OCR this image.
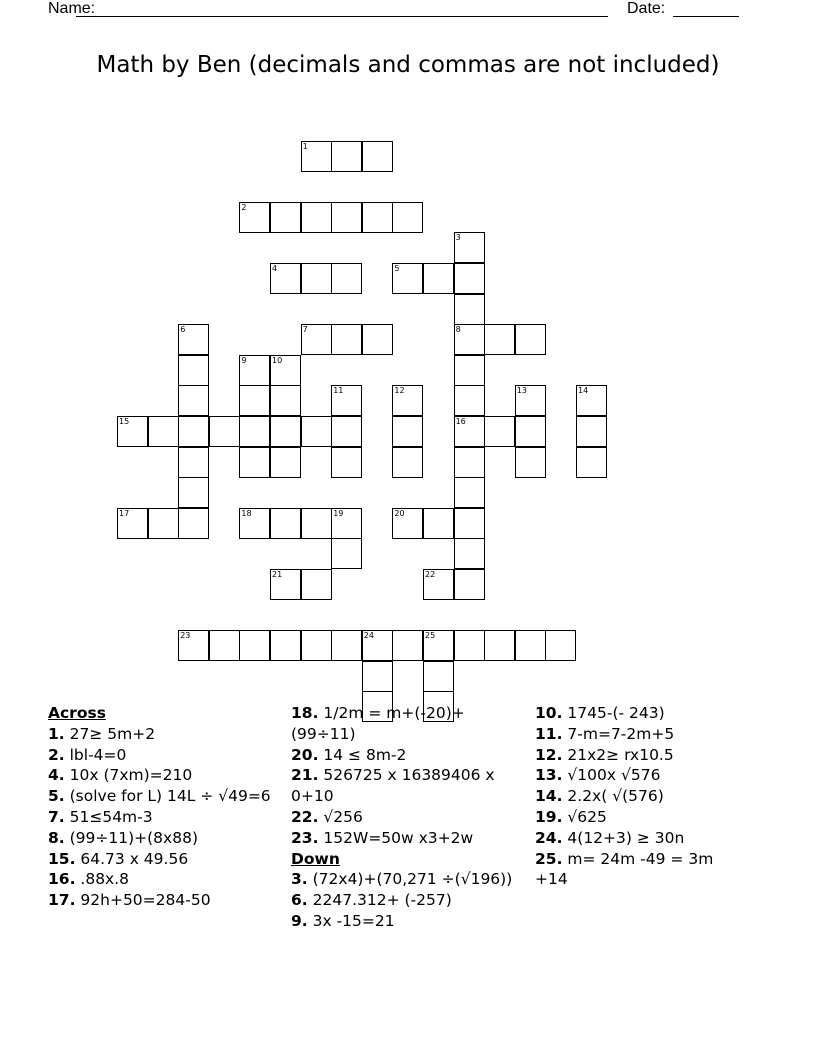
Name:	Date:
Math by Ben (decimals and commas are not included)
1
2
3
4	5
6	7	8
9	10
11	12	13	14
15	16
17	18	19	20
21	22
23	24	25
Across
1. 27≥ 5m+2
2. lbl-4=0
4. 10x (7xm)=210
5. (solve for L) 14L ÷ √49=6
7. 51≤54m-3
8. (99÷11)+(8x88)
15. 64.73 x 49.56
16. .88x.8
17. 92h+50=284-50
18. 1/2m = m+(-20)+(99÷11)
20. 14 ≤ 8m-2
21. 526725 x 16389406 x 0+10
22. √256
23. 152W=50w x3+2w
Down
3. (72x4)+(70,271 ÷(√196))
6. 2247.312+ (-257)
9. 3x -15=21
10. 1745-(- 243)
11. 7-m=7-2m+5
12. 21x2≥ rx10.5
13. √100x √576
14. 2.2x( √(576)
19. √625
24. 4(12+3) ≥ 30n
25. m= 24m -49 = 3m +14
